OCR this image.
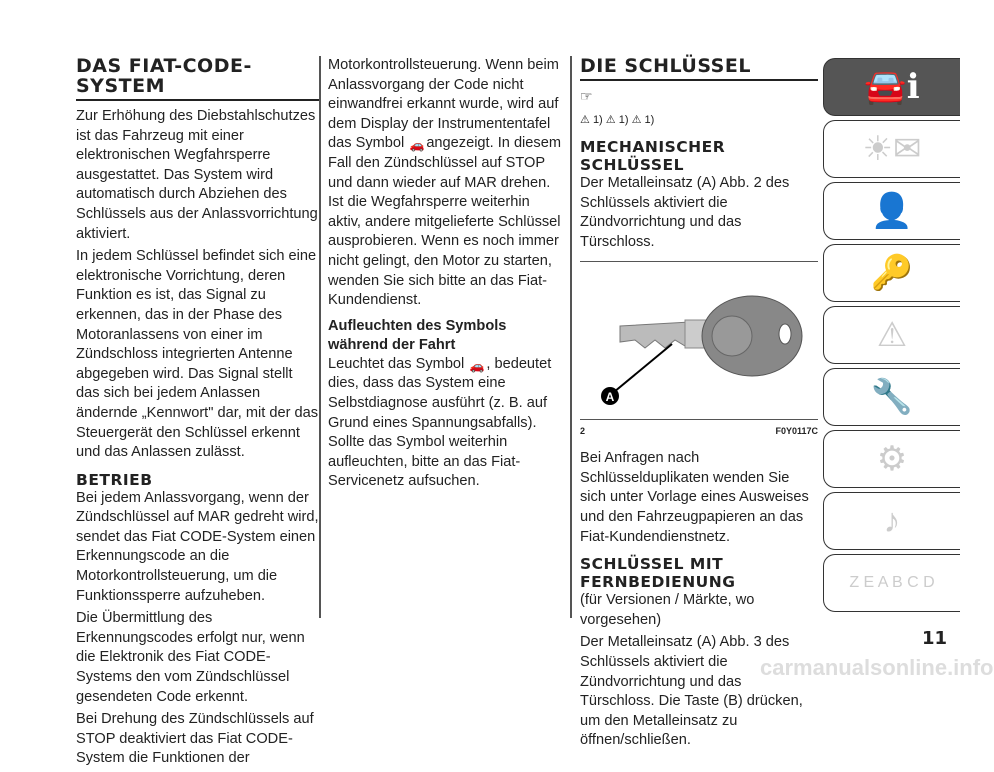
DAS FIAT-CODE-SYSTEM

Zur Erhöhung des Diebstahlschutzes ist das Fahrzeug mit einer elektronischen Wegfahrsperre ausgestattet. Das System wird automatisch durch Abziehen des Schlüssels aus der Anlassvorrichtung aktiviert.

In jedem Schlüssel befindet sich eine elektronische Vorrichtung, deren Funktion es ist, das Signal zu erkennen, das in der Phase des Motoranlassens von einer im Zündschloss integrierten Antenne abgegeben wird. Das Signal stellt das sich bei jedem Anlassen ändernde „Kennwort" dar, mit der das Steuergerät den Schlüssel erkennt und das Anlassen zulässt.

BETRIEB

Bei jedem Anlassvorgang, wenn der Zündschlüssel auf MAR gedreht wird, sendet das Fiat CODE-System einen Erkennungscode an die Motorkontrollsteuerung, um die Funktionssperre aufzuheben.

Die Übermittlung des Erkennungscodes erfolgt nur, wenn die Elektronik des Fiat CODE-Systems den vom Zündschlüssel gesendeten Code erkennt.

Bei Drehung des Zündschlüssels auf STOP deaktiviert das Fiat CODE-System die Funktionen der

Motorkontrollsteuerung. Wenn beim Anlassvorgang der Code nicht einwandfrei erkannt wurde, wird auf dem Display der Instrumententafel das Symbol 🚗 angezeigt. In diesem Fall den Zündschlüssel auf STOP und dann wieder auf MAR drehen. Ist die Wegfahrsperre weiterhin aktiv, andere mitgelieferte Schlüssel ausprobieren. Wenn es noch immer nicht gelingt, den Motor zu starten, wenden Sie sich bitte an das Fiat-Kundendienst.

Aufleuchten des Symbols während der Fahrt

Leuchtet das Symbol 🚗 , bedeutet dies, dass das System eine Selbstdiagnose ausführt (z. B. auf Grund eines Spannungsabfalls). Sollte das Symbol weiterhin aufleuchten, bitte an das Fiat-Servicenetz aufsuchen.

DIE SCHLÜSSEL
☞
⚠ 1) ⚠ 1) ⚠ 1)
MECHANISCHER SCHLÜSSEL

Der Metalleinsatz (A) Abb. 2 des Schlüssels aktiviert die Zündvorrichtung und das Türschloss.

A
2	F0Y0117C

Bei Anfragen nach Schlüsselduplikaten wenden Sie sich unter Vorlage eines Ausweises und den Fahrzeugpapieren an das Fiat-Kundendienstnetz.

SCHLÜSSEL MIT FERNBEDIENUNG

(für Versionen / Märkte, wo vorgesehen)

Der Metalleinsatz (A) Abb. 3 des Schlüssels aktiviert die Zündvorrichtung und das Türschloss. Die Taste (B) drücken, um den Metalleinsatz zu öffnen/schließen.

🚘ℹ
☀✉
👤
🔑
⚠
🔧
⚙
♪
Z E A B C D
11
carmanualsonline.info
